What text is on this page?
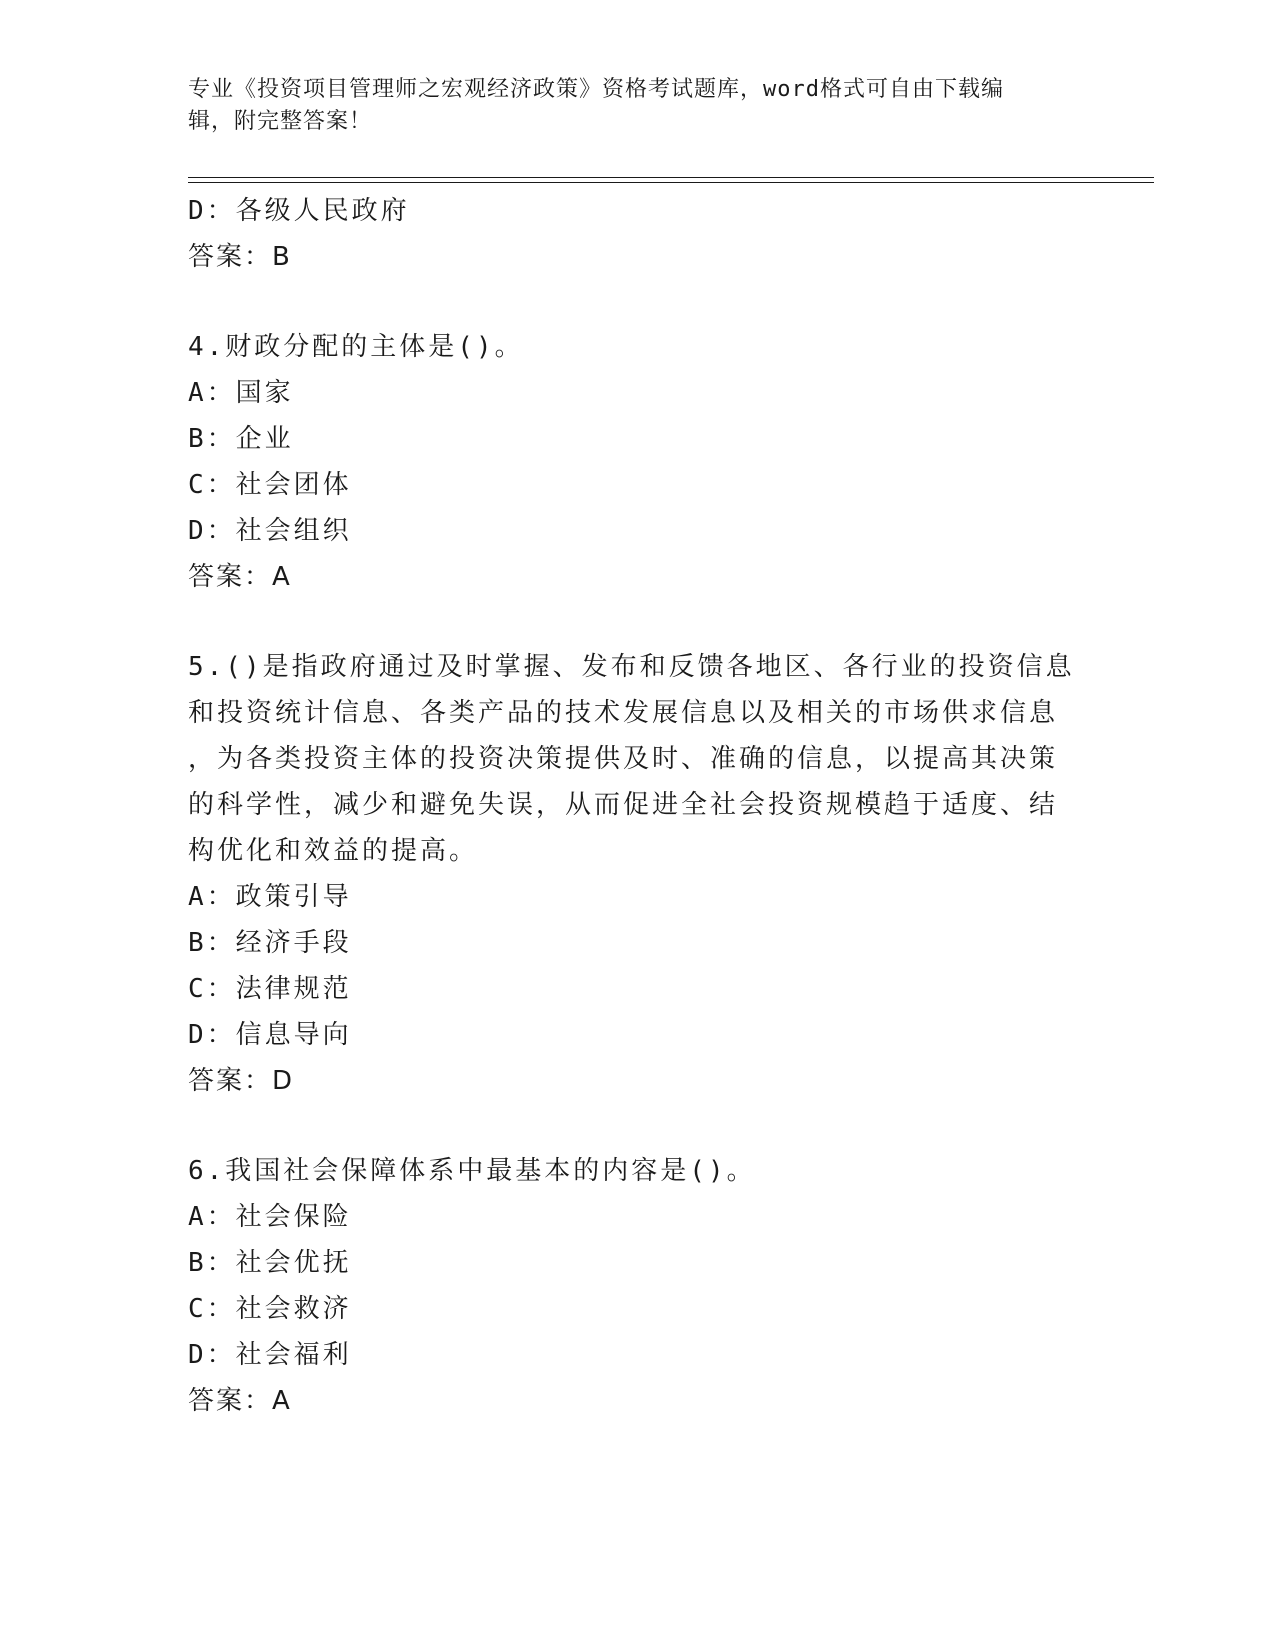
专业《投资项目管理师之宏观经济政策》资格考试题库，word格式可自由下载编
辑，附完整答案！
D：各级人民政府
答案：B
4.财政分配的主体是()。
A：国家
B：企业
C：社会团体
D：社会组织
答案：A
5.()是指政府通过及时掌握、发布和反馈各地区、各行业的投资信息
和投资统计信息、各类产品的技术发展信息以及相关的市场供求信息
，为各类投资主体的投资决策提供及时、准确的信息，以提高其决策
的科学性，减少和避免失误，从而促进全社会投资规模趋于适度、结
构优化和效益的提高。
A：政策引导
B：经济手段
C：法律规范
D：信息导向
答案：D
6.我国社会保障体系中最基本的内容是()。
A：社会保险
B：社会优抚
C：社会救济
D：社会福利
答案：A
